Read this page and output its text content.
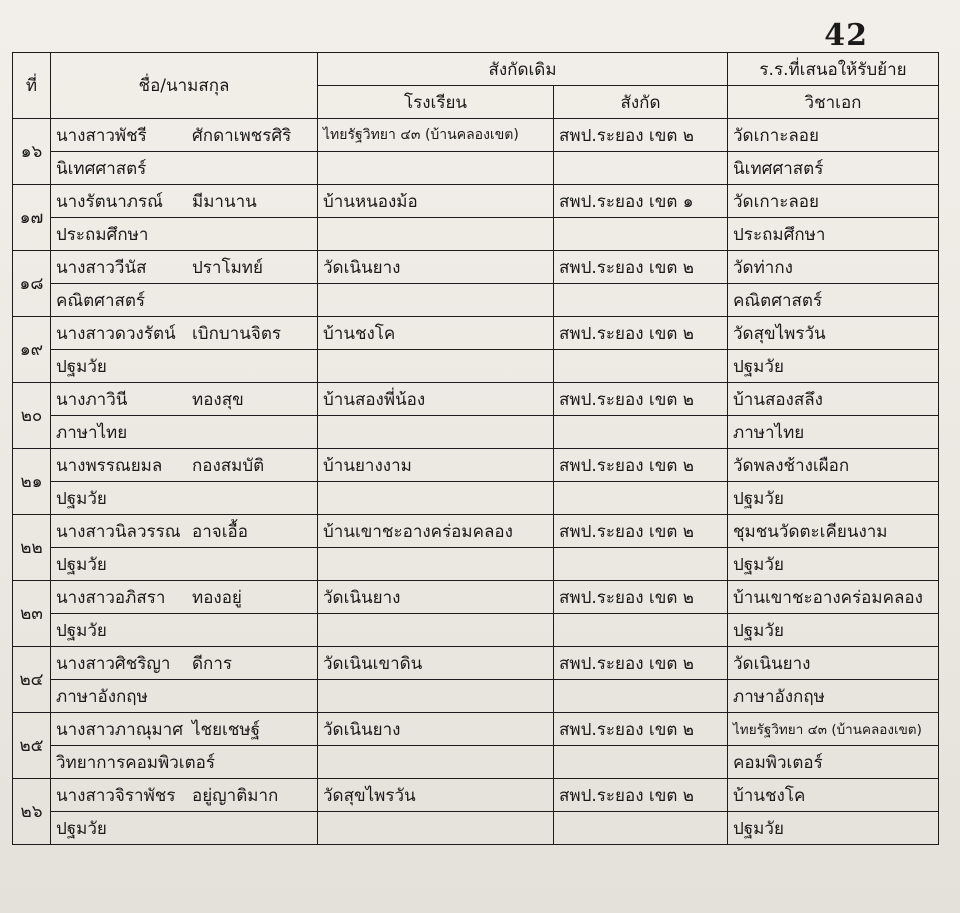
42
ที่	ชื่อ/นามสกุล	สังกัดเดิม		ร.ร.ที่เสนอให้รับย้าย
		โรงเรียน	สังกัด	วิชาเอก
๑๖	นางสาวพัชรี ศักดาเพชรศิริ	ไทยรัฐวิทยา ๔๓ (บ้านคลองเขต)	สพป.ระยอง เขต ๒	วัดเกาะลอย
	นิเทศศาสตร์			นิเทศศาสตร์
๑๗	นางรัตนาภรณ์ มีมานาน	บ้านหนองม้อ	สพป.ระยอง เขต ๑	วัดเกาะลอย
	ประถมศึกษา			ประถมศึกษา
๑๘	นางสาววีนัส ปราโมทย์	วัดเนินยาง	สพป.ระยอง เขต ๒	วัดท่ากง
	คณิตศาสตร์			คณิตศาสตร์
๑๙	นางสาวดวงรัตน์ เบิกบานจิตร	บ้านชงโค	สพป.ระยอง เขต ๒	วัดสุขไพรวัน
	ปฐมวัย			ปฐมวัย
๒๐	นางภาวินี ทองสุข	บ้านสองพี่น้อง	สพป.ระยอง เขต ๒	บ้านสองสลึง
	ภาษาไทย			ภาษาไทย
๒๑	นางพรรณยมล กองสมบัติ	บ้านยางงาม	สพป.ระยอง เขต ๒	วัดพลงช้างเผือก
	ปฐมวัย			ปฐมวัย
๒๒	นางสาวนิลวรรณ อาจเอื้อ	บ้านเขาชะอางคร่อมคลอง	สพป.ระยอง เขต ๒	ชุมชนวัดตะเคียนงาม
	ปฐมวัย			ปฐมวัย
๒๓	นางสาวอภิสรา ทองอยู่	วัดเนินยาง	สพป.ระยอง เขต ๒	บ้านเขาชะอางคร่อมคลอง
	ปฐมวัย			ปฐมวัย
๒๔	นางสาวศิชริญา ดีการ	วัดเนินเขาดิน	สพป.ระยอง เขต ๒	วัดเนินยาง
	ภาษาอังกฤษ			ภาษาอังกฤษ
๒๕	นางสาวภาณุมาศ ไชยเชษฐ์	วัดเนินยาง	สพป.ระยอง เขต ๒	ไทยรัฐวิทยา ๔๓ (บ้านคลองเขต)
	วิทยาการคอมพิวเตอร์			คอมพิวเตอร์
๒๖	นางสาวจิราพัชร อยู่ญาติมาก	วัดสุขไพรวัน	สพป.ระยอง เขต ๒	บ้านชงโค
	ปฐมวัย			ปฐมวัย
